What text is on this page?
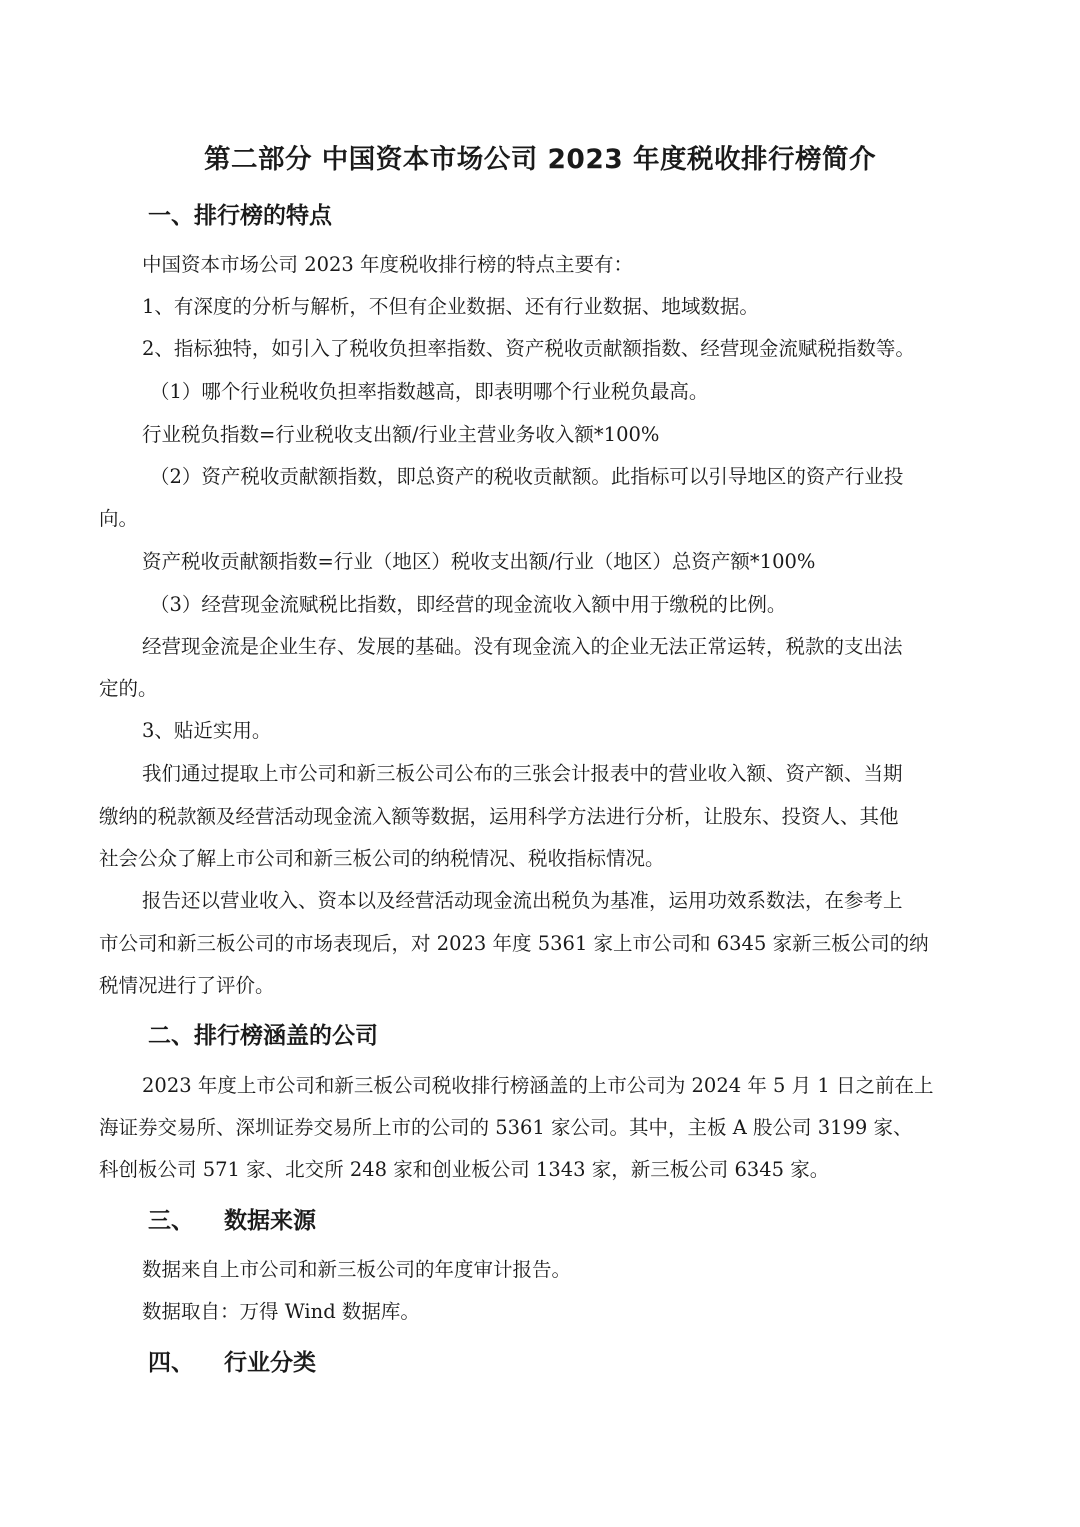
第二部分 中国资本市场公司 2023 年度税收排行榜简介
一、排行榜的特点
中国资本市场公司 2023 年度税收排行榜的特点主要有：
1、有深度的分析与解析，不但有企业数据、还有行业数据、地域数据。
2、指标独特，如引入了税收负担率指数、资产税收贡献额指数、经营现金流赋税指数等。
（1）哪个行业税收负担率指数越高，即表明哪个行业税负最高。
行业税负指数=行业税收支出额/行业主营业务收入额*100%
（2）资产税收贡献额指数，即总资产的税收贡献额。此指标可以引导地区的资产行业投
向。
资产税收贡献额指数=行业（地区）税收支出额/行业（地区）总资产额*100%
（3）经营现金流赋税比指数，即经营的现金流收入额中用于缴税的比例。
经营现金流是企业生存、发展的基础。没有现金流入的企业无法正常运转，税款的支出法
定的。
3、贴近实用。
我们通过提取上市公司和新三板公司公布的三张会计报表中的营业收入额、资产额、当期
缴纳的税款额及经营活动现金流入额等数据，运用科学方法进行分析，让股东、投资人、其他
社会公众了解上市公司和新三板公司的纳税情况、税收指标情况。
报告还以营业收入、资本以及经营活动现金流出税负为基准，运用功效系数法，在参考上
市公司和新三板公司的市场表现后，对 2023 年度 5361 家上市公司和 6345 家新三板公司的纳
税情况进行了评价。
二、排行榜涵盖的公司
2023 年度上市公司和新三板公司税收排行榜涵盖的上市公司为 2024 年 5 月 1 日之前在上
海证券交易所、深圳证券交易所上市的公司的 5361 家公司。其中，主板 A 股公司 3199 家、
科创板公司 571 家、北交所 248 家和创业板公司 1343 家，新三板公司 6345 家。
三、 数据来源
数据来自上市公司和新三板公司的年度审计报告。
数据取自：万得 Wind 数据库。
四、 行业分类
